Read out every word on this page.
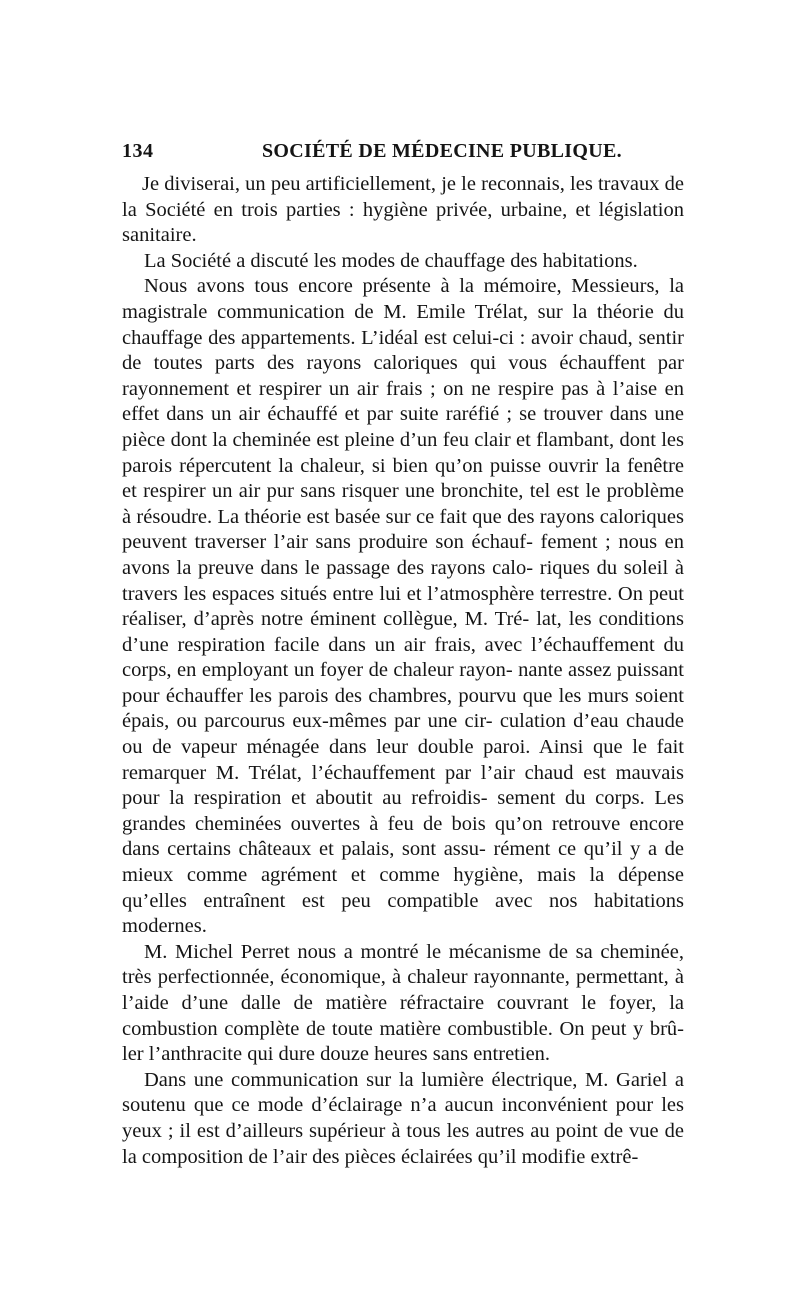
134	SOCIÉTÉ DE MÉDECINE PUBLIQUE.

Je diviserai, un peu artificiellement, je le reconnais, les travaux de la Société en trois parties : hygiène privée, urbaine, et législation sanitaire.

La Société a discuté les modes de chauffage des habitations.

Nous avons tous encore présente à la mémoire, Messieurs, la magistrale communication de M. Emile Trélat, sur la théorie du chauffage des appartements. L’idéal est celui-ci : avoir chaud, sentir de toutes parts des rayons caloriques qui vous échauffent par rayonnement et respirer un air frais ; on ne respire pas à l’aise en effet dans un air échauffé et par suite raréfié ; se trouver dans une pièce dont la cheminée est pleine d’un feu clair et flambant, dont les parois répercutent la chaleur, si bien qu’on puisse ouvrir la fenêtre et respirer un air pur sans risquer une bronchite, tel est le problème à résoudre. La théorie est basée sur ce fait que des rayons caloriques peuvent traverser l’air sans produire son échauf- fement ; nous en avons la preuve dans le passage des rayons calo- riques du soleil à travers les espaces situés entre lui et l’atmosphère terrestre. On peut réaliser, d’après notre éminent collègue, M. Tré- lat, les conditions d’une respiration facile dans un air frais, avec l’échauffement du corps, en employant un foyer de chaleur rayon- nante assez puissant pour échauffer les parois des chambres, pourvu que les murs soient épais, ou parcourus eux-mêmes par une cir- culation d’eau chaude ou de vapeur ménagée dans leur double paroi. Ainsi que le fait remarquer M. Trélat, l’échauffement par l’air chaud est mauvais pour la respiration et aboutit au refroidis- sement du corps. Les grandes cheminées ouvertes à feu de bois qu’on retrouve encore dans certains châteaux et palais, sont assu- rément ce qu’il y a de mieux comme agrément et comme hygiène, mais la dépense qu’elles entraînent est peu compatible avec nos habitations modernes.

M. Michel Perret nous a montré le mécanisme de sa cheminée, très perfectionnée, économique, à chaleur rayonnante, permettant, à l’aide d’une dalle de matière réfractaire couvrant le foyer, la combustion complète de toute matière combustible. On peut y brû- ler l’anthracite qui dure douze heures sans entretien.

Dans une communication sur la lumière électrique, M. Gariel a soutenu que ce mode d’éclairage n’a aucun inconvénient pour les yeux ; il est d’ailleurs supérieur à tous les autres au point de vue de la composition de l’air des pièces éclairées qu’il modifie extrê-
